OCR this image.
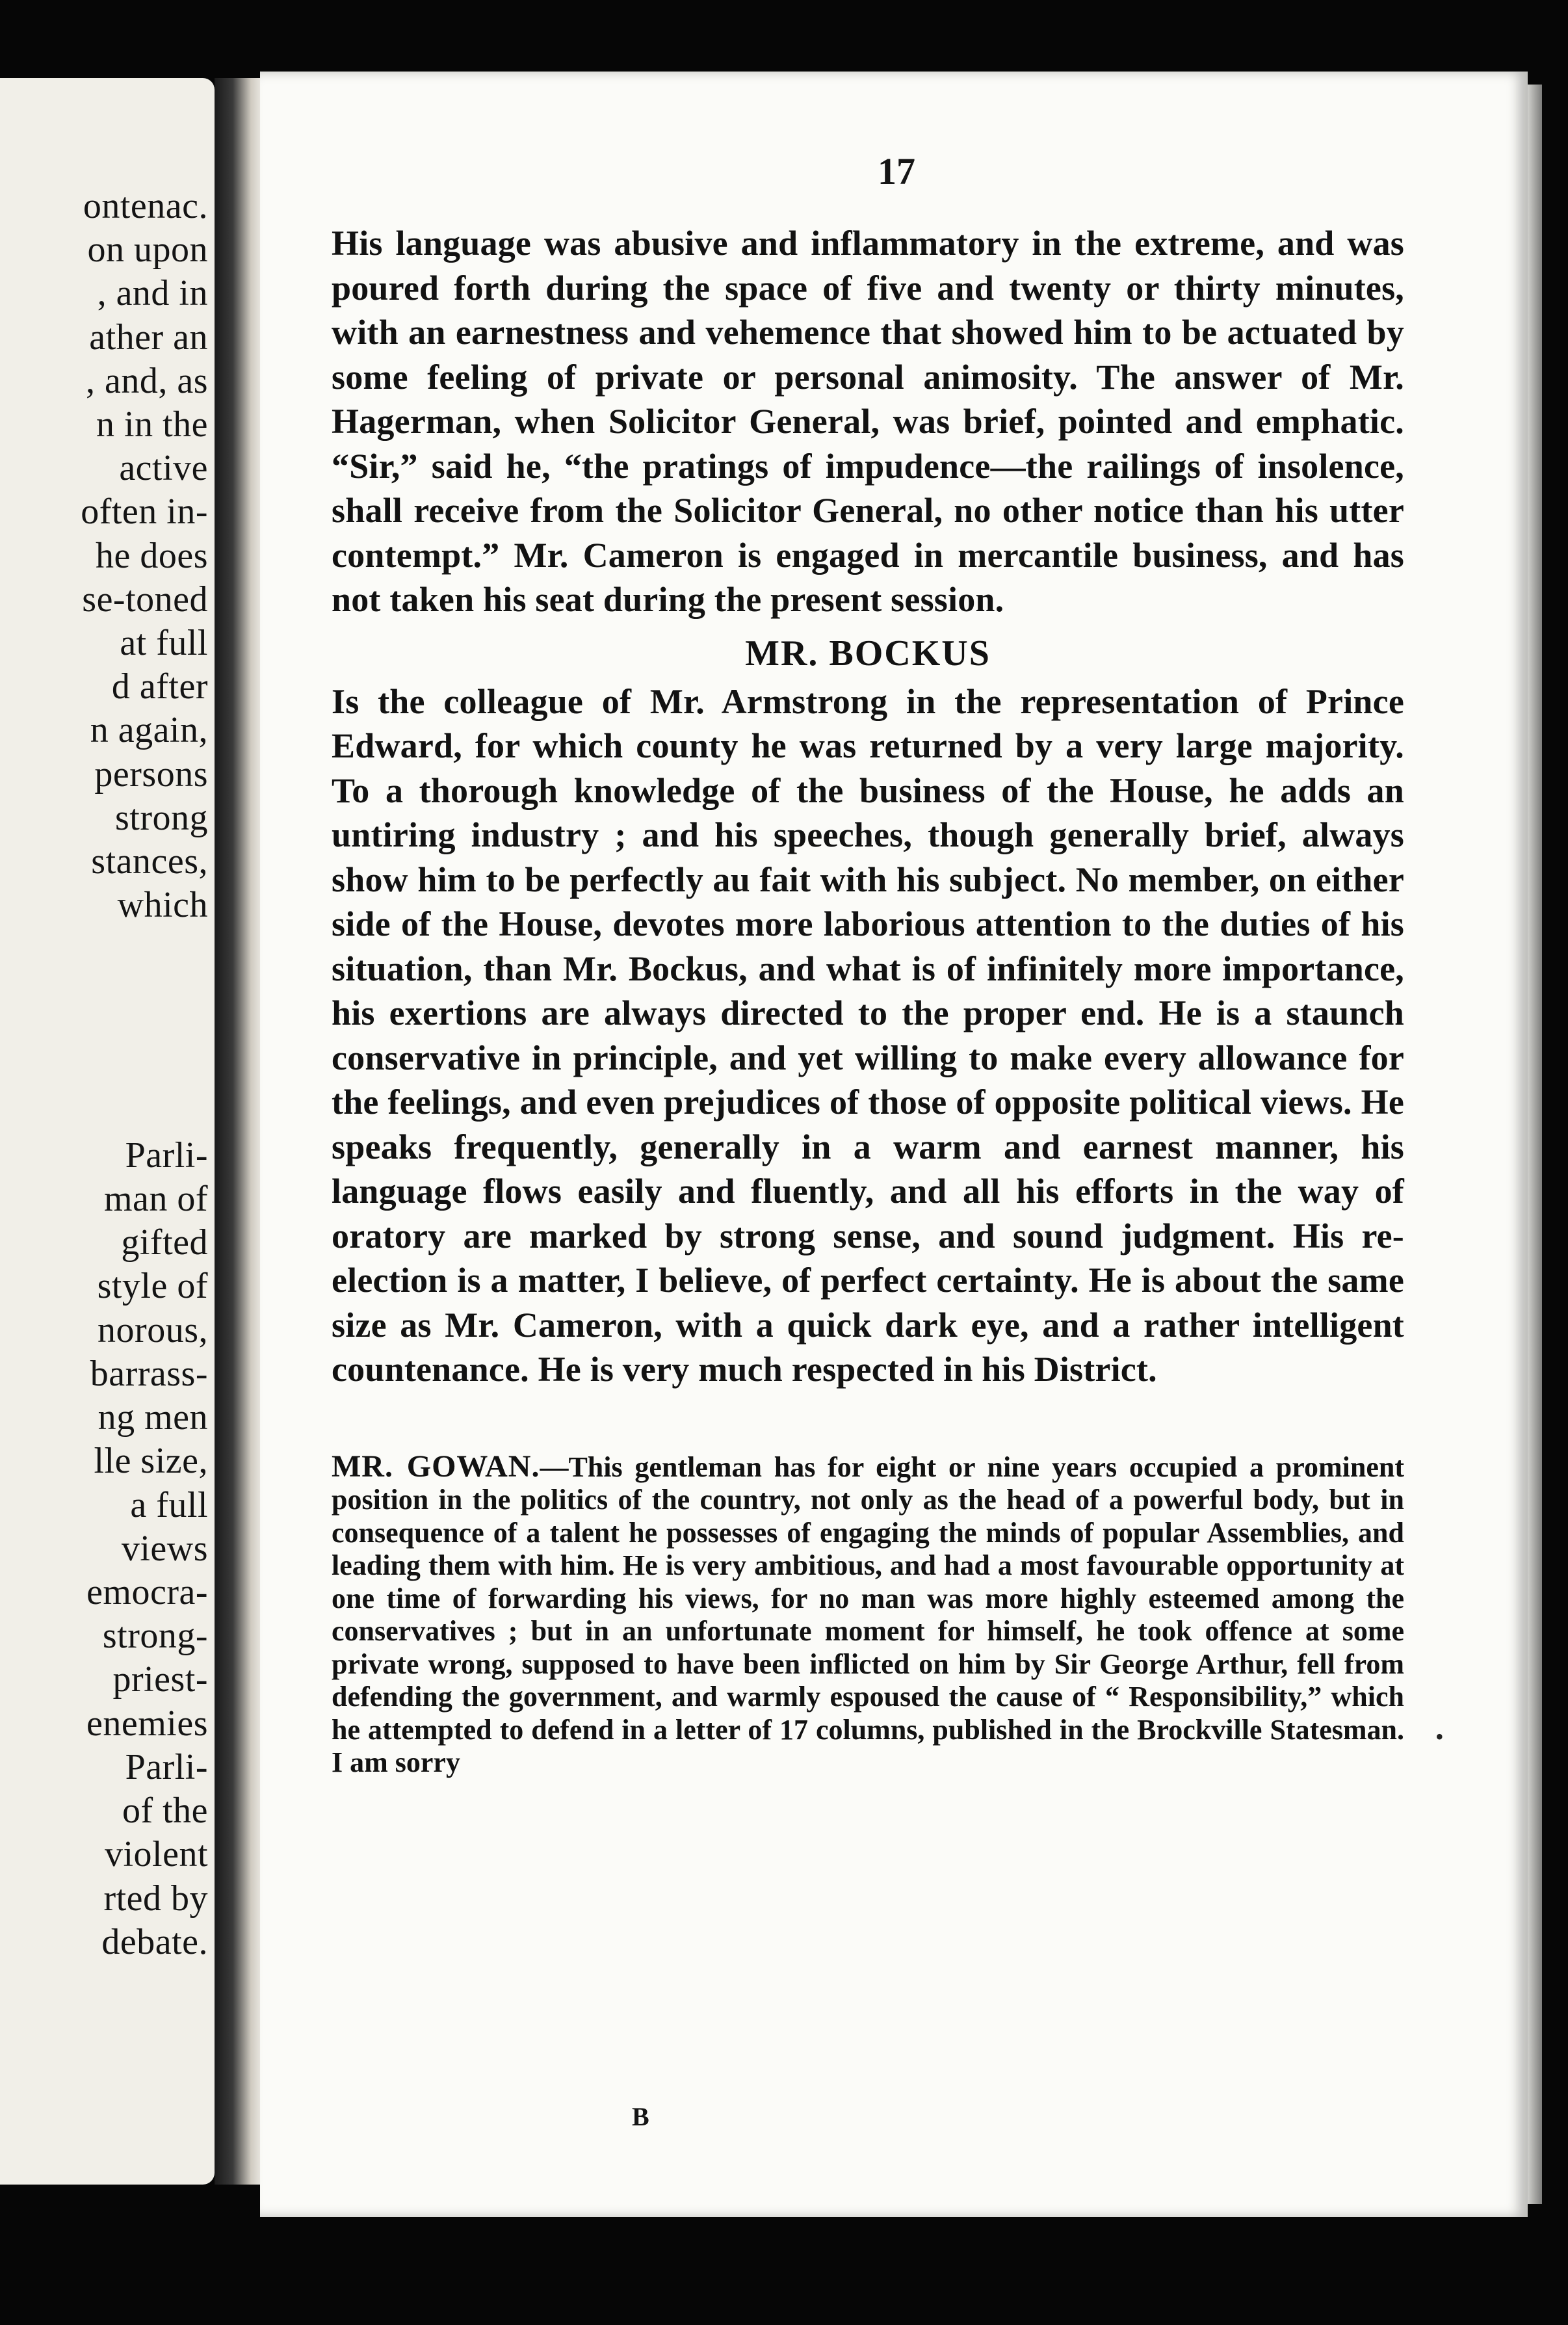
ontenac.
on upon
, and in
ather an
, and, as
n in the
active
often in-
he does
se-toned
at full
d after
n again,
persons
strong
stances,
which
Parli-
man of
gifted
style of
norous,
barrass-
ng men
lle size,
a full
views
emocra-
strong-
priest-
enemies
Parli-
of the
violent
rted by
debate.
17

His language was abusive and inflammatory in the extreme, and was poured forth during the space of five and twenty or thirty minutes, with an earnestness and vehemence that showed him to be actuated by some feeling of private or personal animosity. The answer of Mr. Hagerman, when Solicitor General, was brief, pointed and emphatic. “Sir,” said he, “the pratings of impudence—the railings of insolence, shall receive from the Solicitor General, no other notice than his utter contempt.” Mr. Cameron is engaged in mercantile business, and has not taken his seat during the present session.

MR. BOCKUS

Is the colleague of Mr. Armstrong in the representation of Prince Edward, for which county he was returned by a very large majority. To a thorough knowledge of the business of the House, he adds an untiring industry ; and his speeches, though generally brief, always show him to be perfectly au fait with his subject. No member, on either side of the House, devotes more laborious attention to the duties of his situation, than Mr. Bockus, and what is of infinitely more importance, his exertions are always directed to the proper end. He is a staunch conservative in principle, and yet willing to make every allowance for the feelings, and even prejudices of those of opposite political views. He speaks frequently, generally in a warm and earnest manner, his language flows easily and fluently, and all his efforts in the way of oratory are marked by strong sense, and sound judgment. His re-election is a matter, I believe, of perfect certainty. He is about the same size as Mr. Cameron, with a quick dark eye, and a rather intelligent countenance. He is very much respected in his District.

MR. GOWAN.—This gentleman has for eight or nine years occupied a prominent position in the politics of the country, not only as the head of a powerful body, but in consequence of a talent he possesses of engaging the minds of popular Assemblies, and leading them with him. He is very ambitious, and had a most favourable opportunity at one time of forwarding his views, for no man was more highly esteemed among the conservatives ; but in an unfortunate moment for himself, he took offence at some private wrong, supposed to have been inflicted on him by Sir George Arthur, fell from defending the government, and warmly espoused the cause of “ Responsibility,” which he attempted to defend in a letter of 17 columns, published in the Brockville Statesman. I am sorry

B
•
